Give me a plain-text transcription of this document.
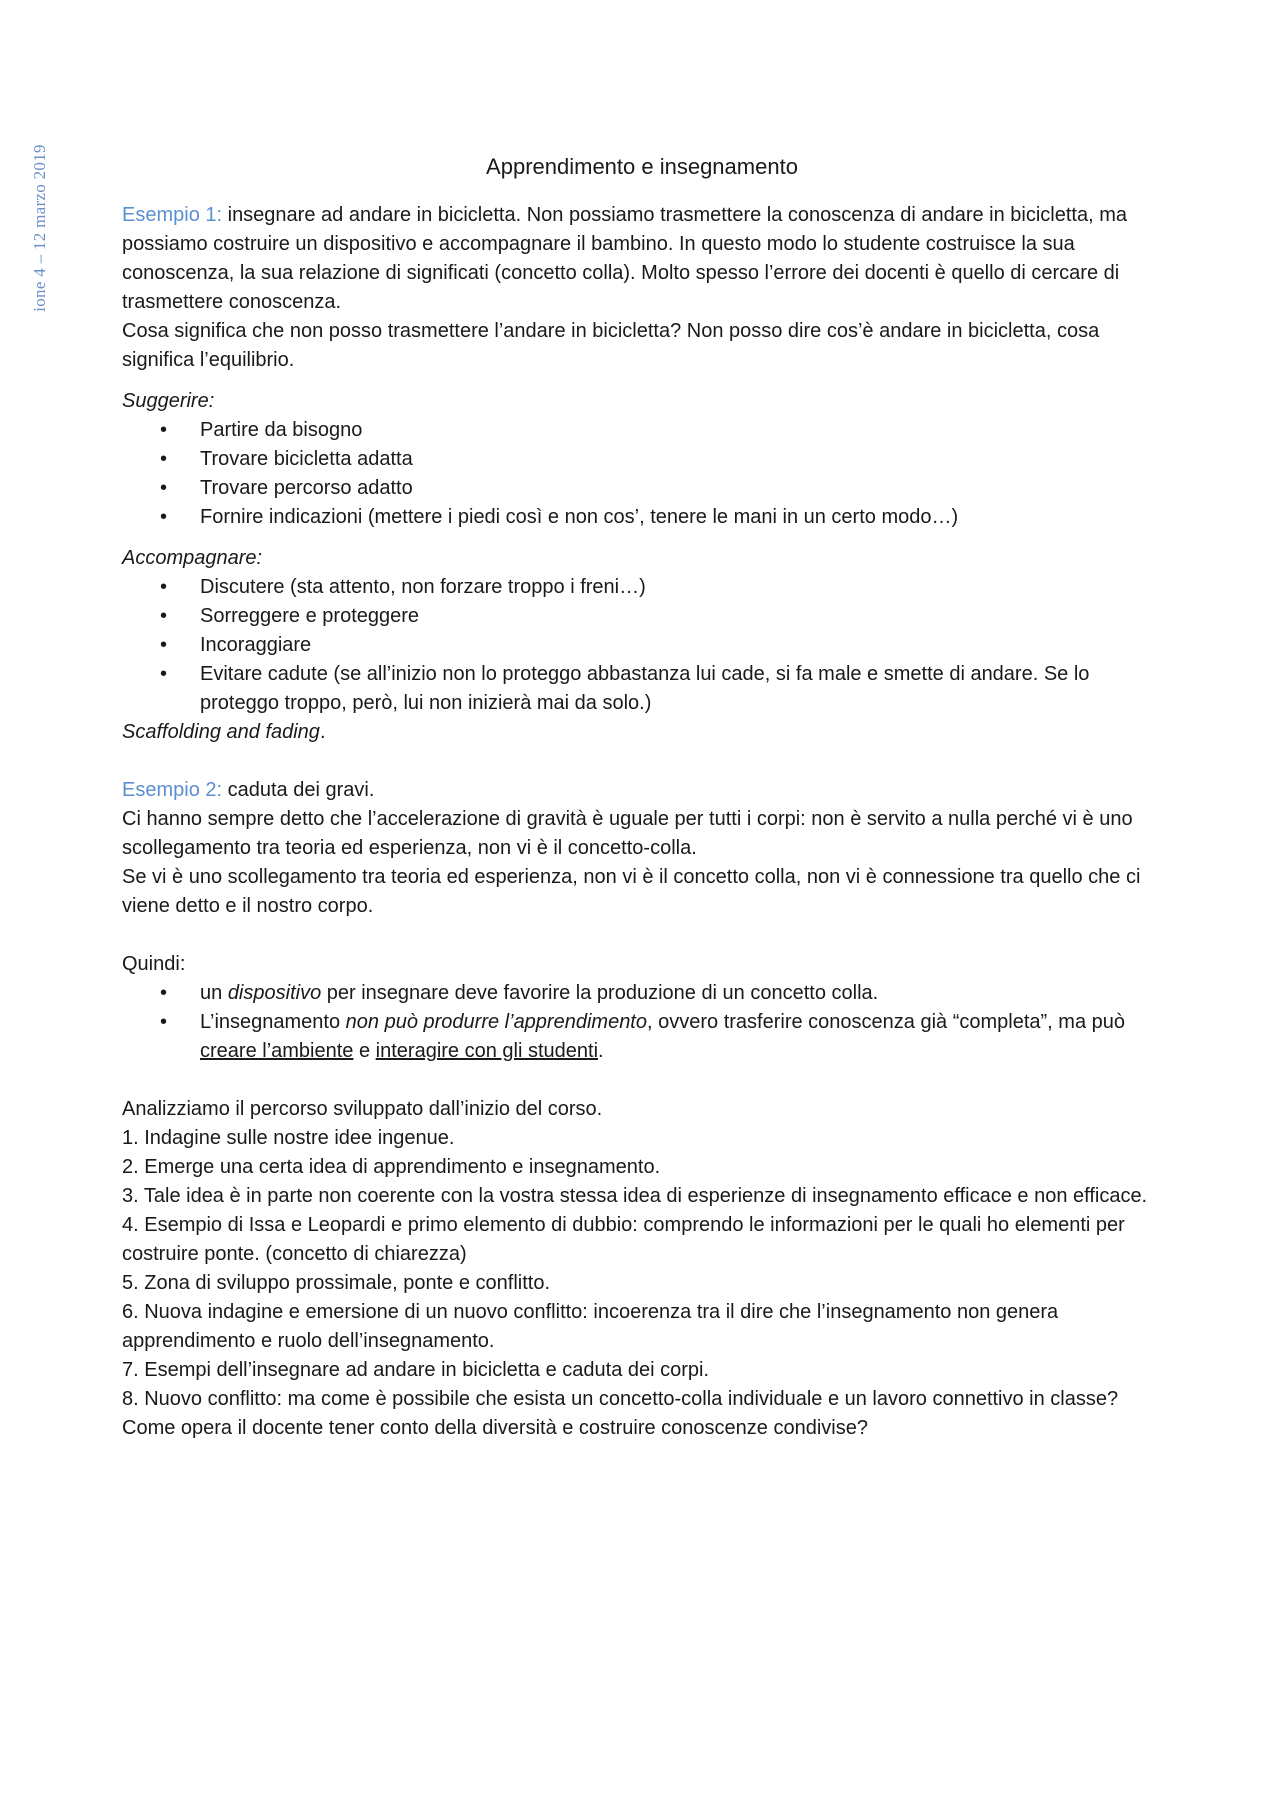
ione 4 – 12 marzo 2019	Apprendimento e insegnamento

Esempio 1: insegnare ad andare in bicicletta. Non possiamo trasmettere la conoscenza di andare in bicicletta, ma possiamo costruire un dispositivo e accompagnare il bambino. In questo modo lo studente costruisce la sua conoscenza, la sua relazione di significati (concetto colla). Molto spesso l’errore dei docenti è quello di cercare di trasmettere conoscenza.

Cosa significa che non posso trasmettere l’andare in bicicletta? Non posso dire cos’è andare in bicicletta, cosa significa l’equilibrio.

Suggerire:

• Partire da bisogno
• Trovare bicicletta adatta
• Trovare percorso adatto
• Fornire indicazioni (mettere i piedi così e non cos’, tenere le mani in un certo modo…)

Accompagnare:

• Discutere (sta attento, non forzare troppo i freni…)
• Sorreggere e proteggere
• Incoraggiare
• Evitare cadute (se all’inizio non lo proteggo abbastanza lui cade, si fa male e smette di andare. Se lo proteggo troppo, però, lui non inizierà mai da solo.)

Scaffolding and fading.

Esempio 2: caduta dei gravi.

Ci hanno sempre detto che l’accelerazione di gravità è uguale per tutti i corpi: non è servito a nulla perché vi è uno scollegamento tra teoria ed esperienza, non vi è il concetto-colla.

Se vi è uno scollegamento tra teoria ed esperienza, non vi è il concetto colla, non vi è connessione tra quello che ci viene detto e il nostro corpo.

Quindi:

• un dispositivo per insegnare deve favorire la produzione di un concetto colla.
• L’insegnamento non può produrre l’apprendimento, ovvero trasferire conoscenza già “completa”, ma può creare l’ambiente e interagire con gli studenti.

Analizziamo il percorso sviluppato dall’inizio del corso.

1. Indagine sulle nostre idee ingenue.

2. Emerge una certa idea di apprendimento e insegnamento.

3. Tale idea è in parte non coerente con la vostra stessa idea di esperienze di insegnamento efficace e non efficace.

4. Esempio di Issa e Leopardi e primo elemento di dubbio: comprendo le informazioni per le quali ho elementi per costruire ponte. (concetto di chiarezza)

5. Zona di sviluppo prossimale, ponte e conflitto.

6. Nuova indagine e emersione di un nuovo conflitto: incoerenza tra il dire che l’insegnamento non genera apprendimento e ruolo dell’insegnamento.

7. Esempi dell’insegnare ad andare in bicicletta e caduta dei corpi.

8. Nuovo conflitto: ma come è possibile che esista un concetto-colla individuale e un lavoro connettivo in classe? Come opera il docente tener conto della diversità e costruire conoscenze condivise?
